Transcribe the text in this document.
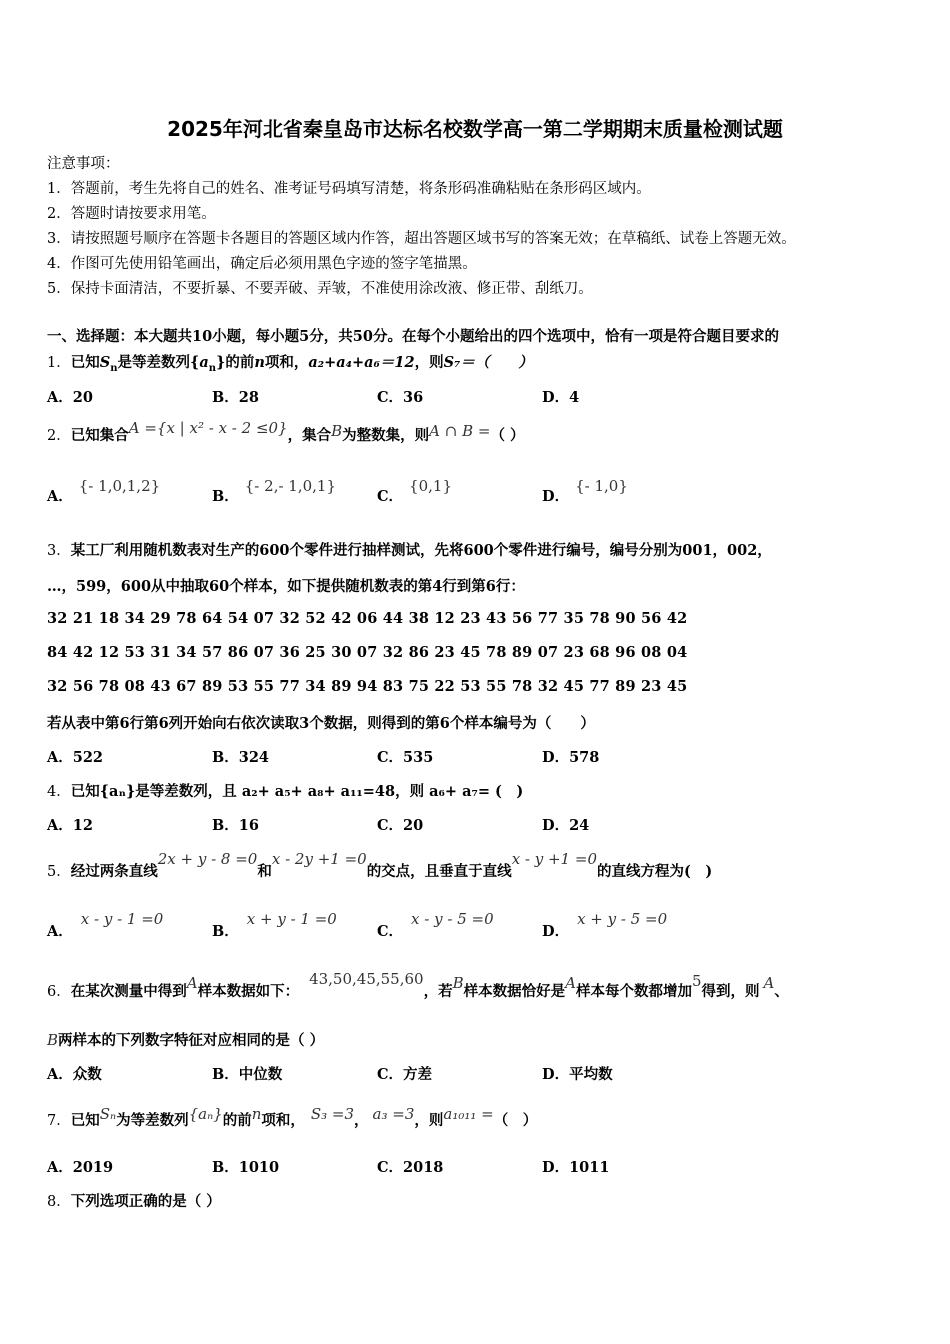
2025年河北省秦皇岛市达标名校数学高一第二学期期末质量检测试题
注意事项：
1．答题前，考生先将自己的姓名、准考证号码填写清楚，将条形码准确粘贴在条形码区域内。
2．答题时请按要求用笔。
3．请按照题号顺序在答题卡各题目的答题区域内作答，超出答题区域书写的答案无效；在草稿纸、试卷上答题无效。
4．作图可先使用铅笔画出，确定后必须用黑色字迹的签字笔描黑。
5．保持卡面清洁，不要折暴、不要弄破、弄皱，不准使用涂改液、修正带、刮纸刀。
一、选择题：本大题共10小题，每小题5分，共50分。在每个小题给出的四个选项中，恰有一项是符合题目要求的
1．已知$S_n$是等差数列$\{a_n\}$的前n项和，a₂+a₄+a₆＝12，则S₇＝（　　）
A．20	B．28	C．36	D．4
2．已知集合A ={x | x² - x - 2 ≤0}，集合B为整数集，则A ∩ B =（ ）
A．{- 1,0,1,2}
B．{- 2,- 1,0,1}
C．{0,1}
D．{- 1,0}
3．某工厂利用随机数表对生产的600个零件进行抽样测试，先将600个零件进行编号，编号分别为001，002，
…，599，600从中抽取60个样本，如下提供随机数表的第4行到第6行：
32 21 18 34 29 78 64 54 07 32 52 42 06 44 38 12 23 43 56 77 35 78 90 56 42
84 42 12 53 31 34 57 86 07 36 25 30 07 32 86 23 45 78 89 07 23 68 96 08 04
32 56 78 08 43 67 89 53 55 77 34 89 94 83 75 22 53 55 78 32 45 77 89 23 45
若从表中第6行第6列开始向右依次读取3个数据，则得到的第6个样本编号为（　　）
A．522	B．324	C．535	D．578
4．已知{aₙ}是等差数列，且 a₂+ a₅+ a₈+ a₁₁=48，则 a₆+ a₇= (　)
A．12	B．16	C．20	D．24
5．经过两条直线2x + y - 8 =0和x - 2y +1 =0的交点，且垂直于直线x - y +1 =0的直线方程为(　)
A．x - y - 1 =0
B．x + y - 1 =0
C．x - y - 5 =0
D．x + y - 5 =0
6．在某次测量中得到A样本数据如下：43,50,45,55,60，若B样本数据恰好是A样本每个数都增加5得到，则 A、
B两样本的下列数字特征对应相同的是（ ）
A．众数	B．中位数	C．方差	D．平均数
7．已知Sₙ为等差数列{aₙ}的前n项和， S₃ =3， a₃ =3，则a₁₀₁₁ =（　）
A．2019	B．1010	C．2018	D．1011
8．下列选项正确的是（ ）
